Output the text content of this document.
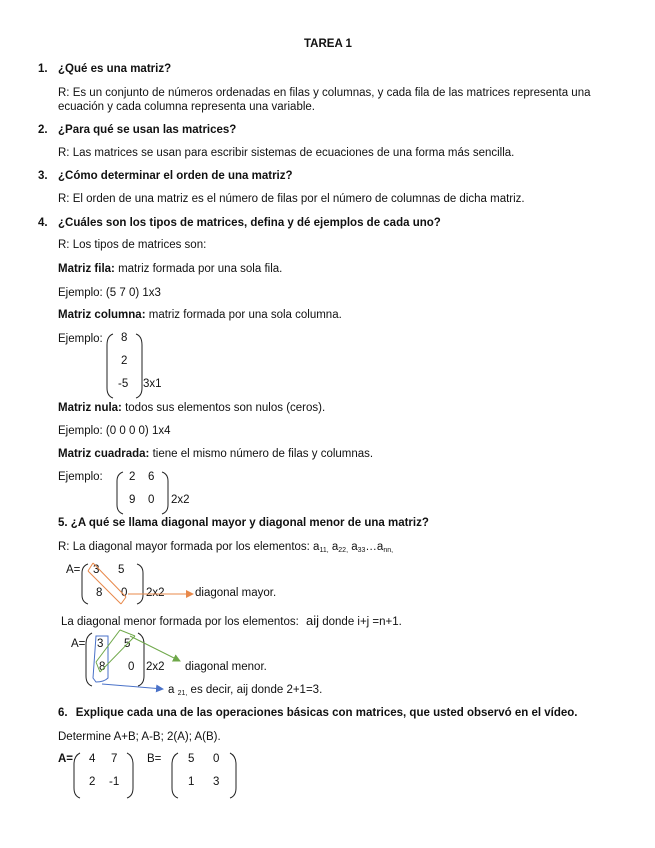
TAREA 1
1. ¿Qué es una matriz?
R: Es un conjunto de números ordenadas en filas y columnas, y cada fila de las matrices representa una ecuación y cada columna representa una variable.
2. ¿Para qué se usan las matrices?
R: Las matrices se usan para escribir sistemas de ecuaciones de una forma más sencilla.
3. ¿Cómo determinar el orden de una matriz?
R: El orden de una matriz es el número de filas por el número de columnas de dicha matriz.
4. ¿Cuáles son los tipos de matrices, defina y dé ejemplos de cada uno?
R: Los tipos de matrices son:
Matriz fila: matriz formada por una sola fila.
Ejemplo: (5 7 0) 1x3
Matriz columna: matriz formada por una sola columna.
Ejemplo: 8
2
-5 3x1
Matriz nula: todos sus elementos son nulos (ceros).
Ejemplo: (0 0 0 0) 1x4
Matriz cuadrada: tiene el mismo número de filas y columnas.
Ejemplo: 2 6
9 0 2x2
5. ¿A qué se llama diagonal mayor y diagonal menor de una matriz?
R: La diagonal mayor formada por los elementos: $a_{11,}$ $a_{22,}$ $a_{33}\dots a_{nn,}$
A= 3 5
8 0 2x2	diagonal mayor.
La diagonal menor formada por los elementos: aij donde i+j =n+1.
A= 3 5
8 0 2x2 diagonal menor.
a $_{21,}$ es decir, aij donde 2+1=3.
6. Explique cada una de las operaciones básicas con matrices, que usted observó en el vídeo.
Determine A+B; A-B; 2(A); A(B).
A= 4 7
2 -1
B= 5 0
1 3
